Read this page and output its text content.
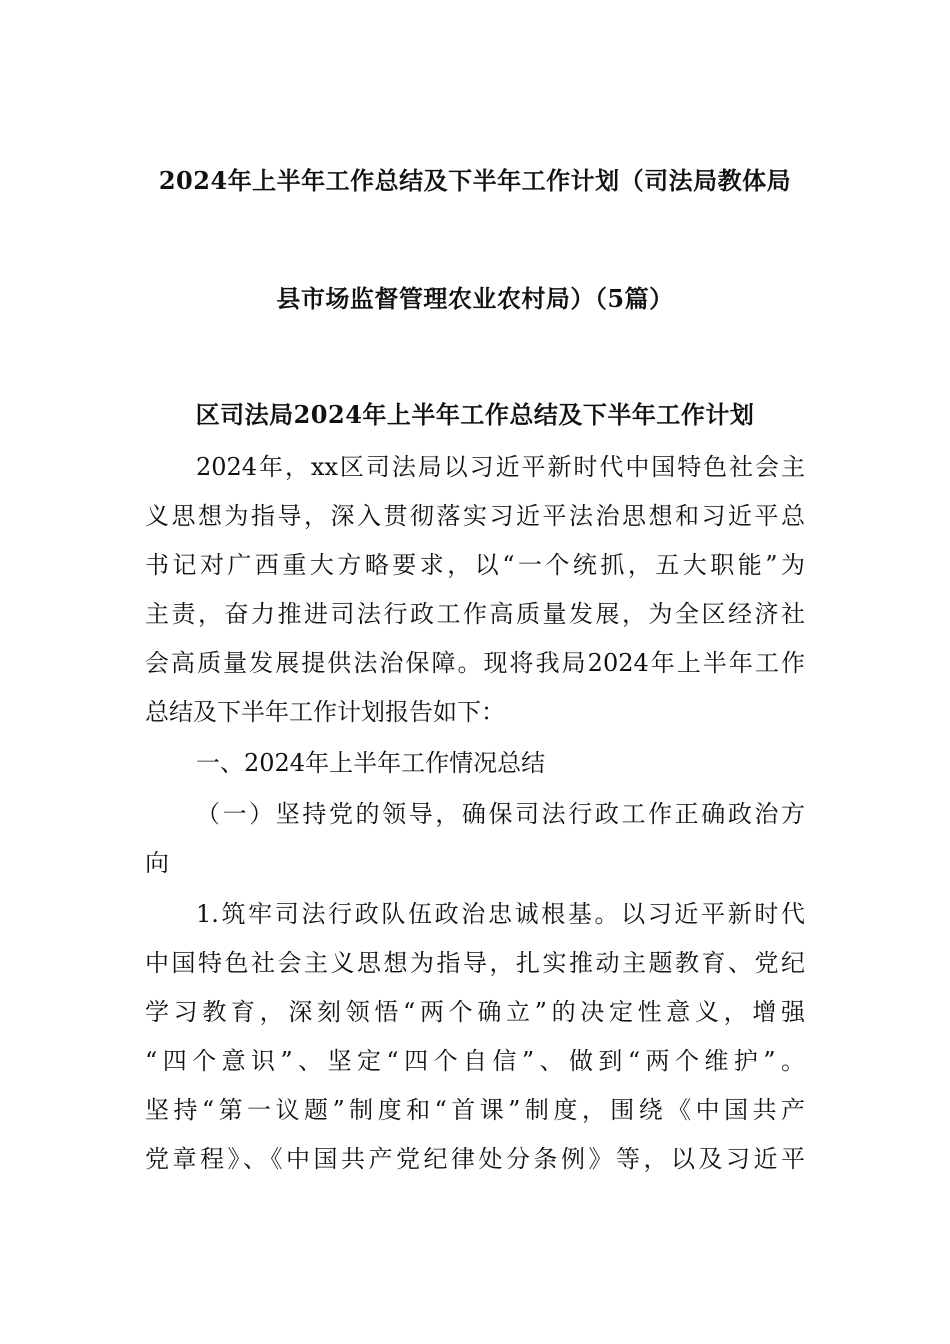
2024年上半年工作总结及下半年工作计划（司法局教体局
县市场监督管理农业农村局）（5篇）
区司法局2024年上半年工作总结及下半年工作计划
2024年，xx区司法局以习近平新时代中国特色社会主
义思想为指导，深入贯彻落实习近平法治思想和习近平总
书记对广西重大方略要求，以“一个统抓，五大职能”为
主责，奋力推进司法行政工作高质量发展，为全区经济社
会高质量发展提供法治保障。现将我局2024年上半年工作
总结及下半年工作计划报告如下：
一、2024年上半年工作情况总结
（一）坚持党的领导，确保司法行政工作正确政治方
向
1.筑牢司法行政队伍政治忠诚根基。以习近平新时代
中国特色社会主义思想为指导，扎实推动主题教育、党纪
学习教育，深刻领悟“两个确立”的决定性意义，增强
“四个意识”、坚定“四个自信”、做到“两个维护”。
坚持“第一议题”制度和“首课”制度，围绕《中国共产
党章程》、《中国共产党纪律处分条例》等，以及习近平
